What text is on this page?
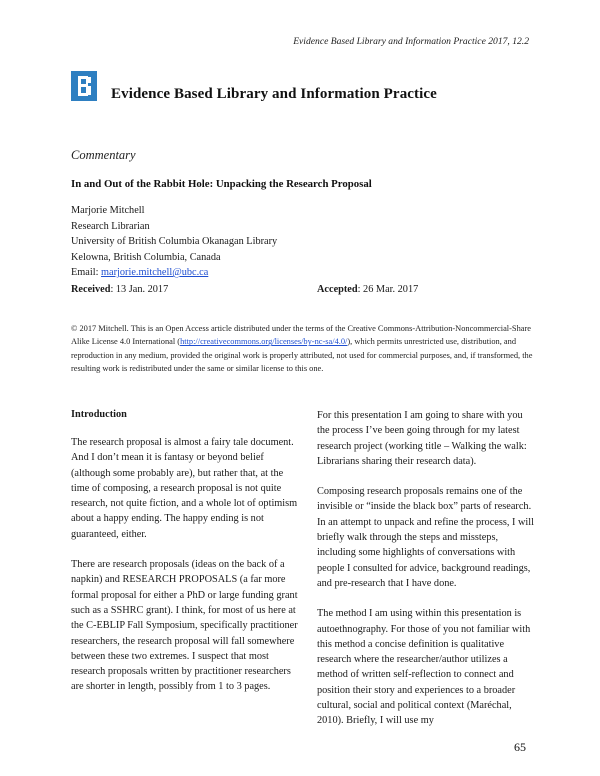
Evidence Based Library and Information Practice 2017, 12.2
Evidence Based Library and Information Practice
Commentary
In and Out of the Rabbit Hole: Unpacking the Research Proposal
Marjorie Mitchell
Research Librarian
University of British Columbia Okanagan Library
Kelowna, British Columbia, Canada
Email: marjorie.mitchell@ubc.ca
Received: 13 Jan. 2017	Accepted: 26 Mar. 2017
© 2017 Mitchell. This is an Open Access article distributed under the terms of the Creative Commons‐Attribution‐Noncommercial‐Share Alike License 4.0 International (http://creativecommons.org/licenses/by-nc-sa/4.0/), which permits unrestricted use, distribution, and reproduction in any medium, provided the original work is properly attributed, not used for commercial purposes, and, if transformed, the resulting work is redistributed under the same or similar license to this one.
Introduction

The research proposal is almost a fairy tale document. And I don’t mean it is fantasy or beyond belief (although some probably are), but rather that, at the time of composing, a research proposal is not quite research, not quite fiction, and a whole lot of optimism about a happy ending. The happy ending is not guaranteed, either.

There are research proposals (ideas on the back of a napkin) and RESEARCH PROPOSALS (a far more formal proposal for either a PhD or large funding grant such as a SSHRC grant). I think, for most of us here at the C-EBLIP Fall Symposium, specifically practitioner researchers, the research proposal will fall somewhere between these two extremes. I suspect that most research proposals written by practitioner researchers are shorter in length, possibly from 1 to 3 pages.

For this presentation I am going to share with you the process I’ve been going through for my latest research project (working title – Walking the walk: Librarians sharing their research data).

Composing research proposals remains one of the invisible or “inside the black box” parts of research. In an attempt to unpack and refine the process, I will briefly walk through the steps and missteps, including some highlights of conversations with people I consulted for advice, background readings, and pre-research that I have done.

The method I am using within this presentation is autoethnography. For those of you not familiar with this method a concise definition is qualitative research where the researcher/author utilizes a method of written self-reflection to connect and position their story and experiences to a broader cultural, social and political context (Maréchal, 2010). Briefly, I will use my

65
